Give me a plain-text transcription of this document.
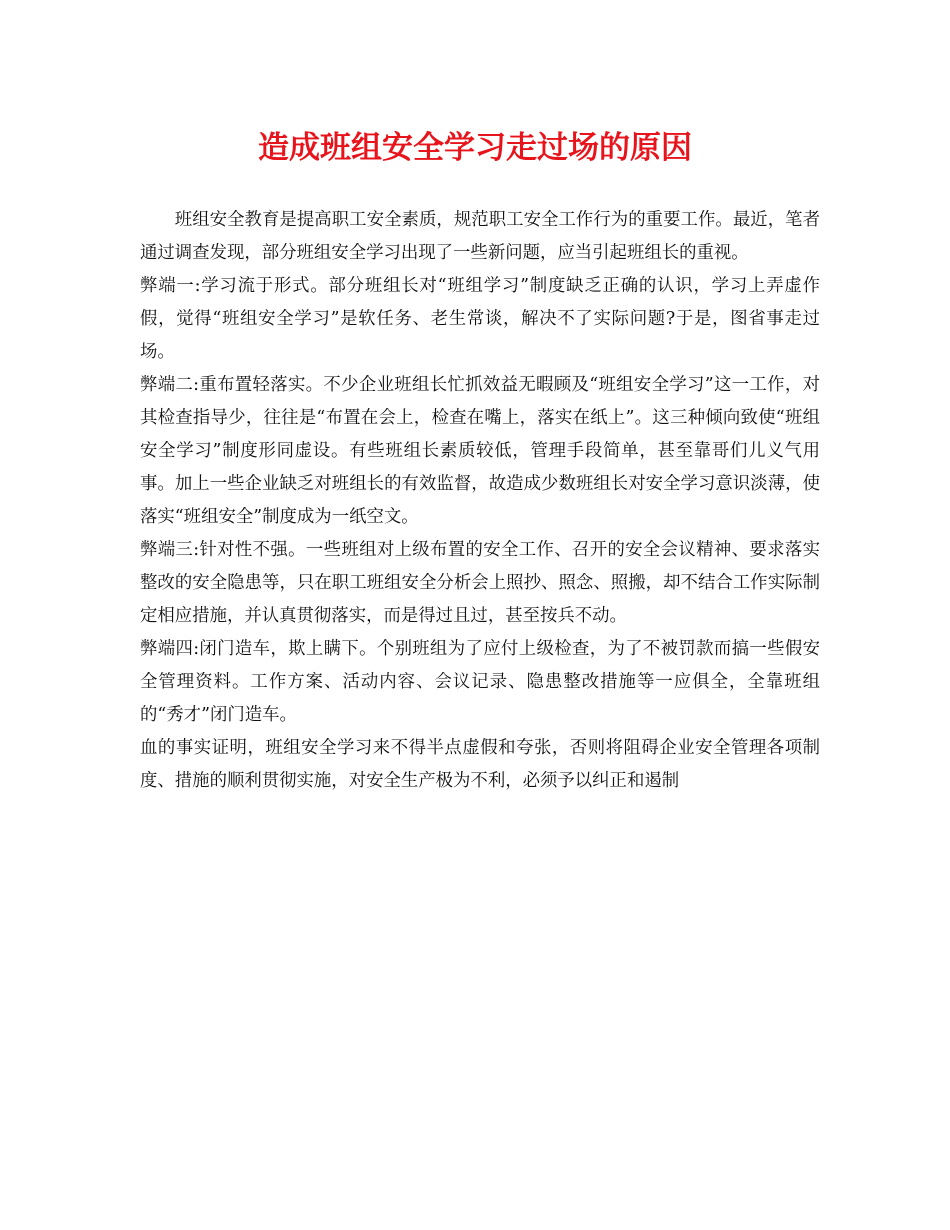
造成班组安全学习走过场的原因

班组安全教育是提高职工安全素质，规范职工安全工作行为的重要工作。最近，笔者通过调查发现，部分班组安全学习出现了一些新问题，应当引起班组长的重视。

弊端一:学习流于形式。部分班组长对“班组学习”制度缺乏正确的认识，学习上弄虚作假，觉得“班组安全学习”是软任务、老生常谈，解决不了实际问题?于是，图省事走过场。

弊端二:重布置轻落实。不少企业班组长忙抓效益无暇顾及“班组安全学习”这一工作，对其检查指导少，往往是“布置在会上，检查在嘴上，落实在纸上”。这三种倾向致使“班组安全学习”制度形同虚设。有些班组长素质较低，管理手段简单，甚至靠哥们儿义气用事。加上一些企业缺乏对班组长的有效监督，故造成少数班组长对安全学习意识淡薄，使落实“班组安全”制度成为一纸空文。

弊端三:针对性不强。一些班组对上级布置的安全工作、召开的安全会议精神、要求落实整改的安全隐患等，只在职工班组安全分析会上照抄、照念、照搬，却不结合工作实际制定相应措施，并认真贯彻落实，而是得过且过，甚至按兵不动。

弊端四:闭门造车，欺上瞒下。个别班组为了应付上级检查，为了不被罚款而搞一些假安全管理资料。工作方案、活动内容、会议记录、隐患整改措施等一应俱全，全靠班组的“秀才”闭门造车。

血的事实证明，班组安全学习来不得半点虚假和夸张，否则将阻碍企业安全管理各项制度、措施的顺利贯彻实施，对安全生产极为不利，必须予以纠正和遏制
